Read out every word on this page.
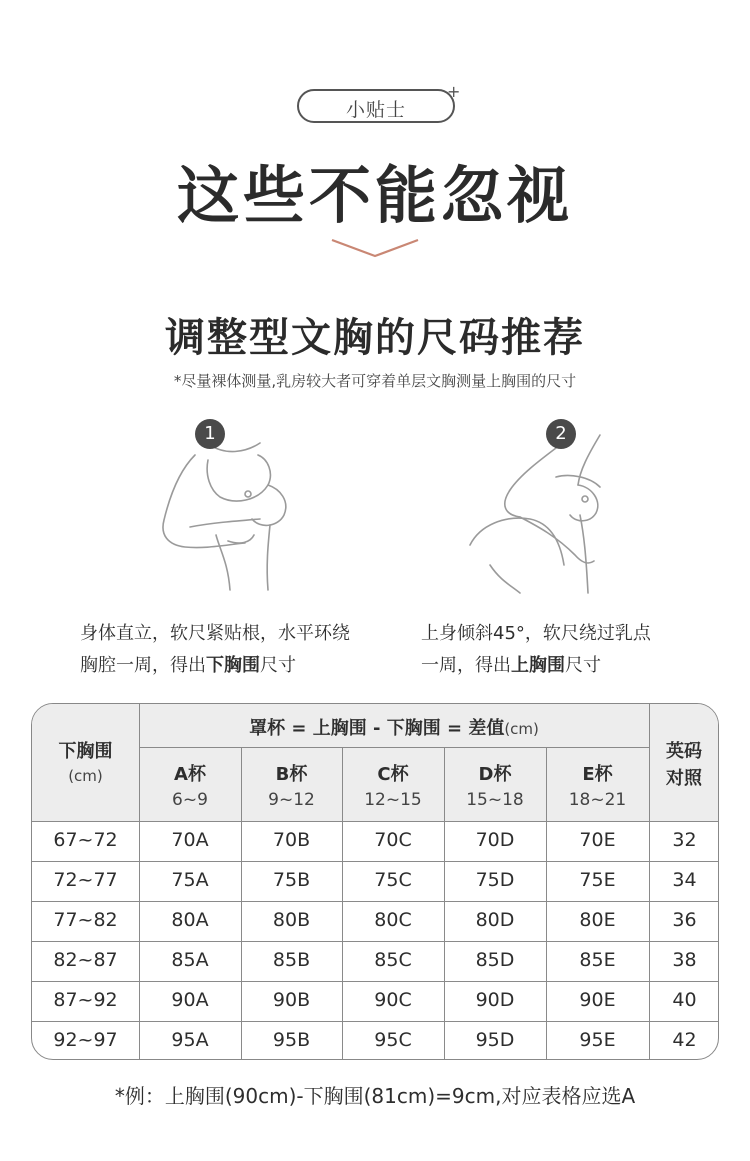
小贴士
+
这些不能忽视
调整型文胸的尺码推荐
*尽量裸体测量,乳房较大者可穿着单层文胸测量上胸围的尺寸
1	2
身体直立，软尺紧贴根，水平环绕
胸腔一周，得出下胸围尺寸
上身倾斜45°，软尺绕过乳点
一周，得出上胸围尺寸
下胸围
(cm)
罩杯 = 上胸围 - 下胸围 = 差值(cm)
英码
对照
A杯
6~9
B杯
9~12
C杯
12~15
D杯
15~18
E杯
18~21
67~72	70A	70B	70C	70D	70E	32
72~77	75A	75B	75C	75D	75E	34
77~82	80A	80B	80C	80D	80E	36
82~87	85A	85B	85C	85D	85E	38
87~92	90A	90B	90C	90D	90E	40
92~97	95A	95B	95C	95D	95E	42
*例：上胸围(90cm)-下胸围(81cm)=9cm,对应表格应选A
